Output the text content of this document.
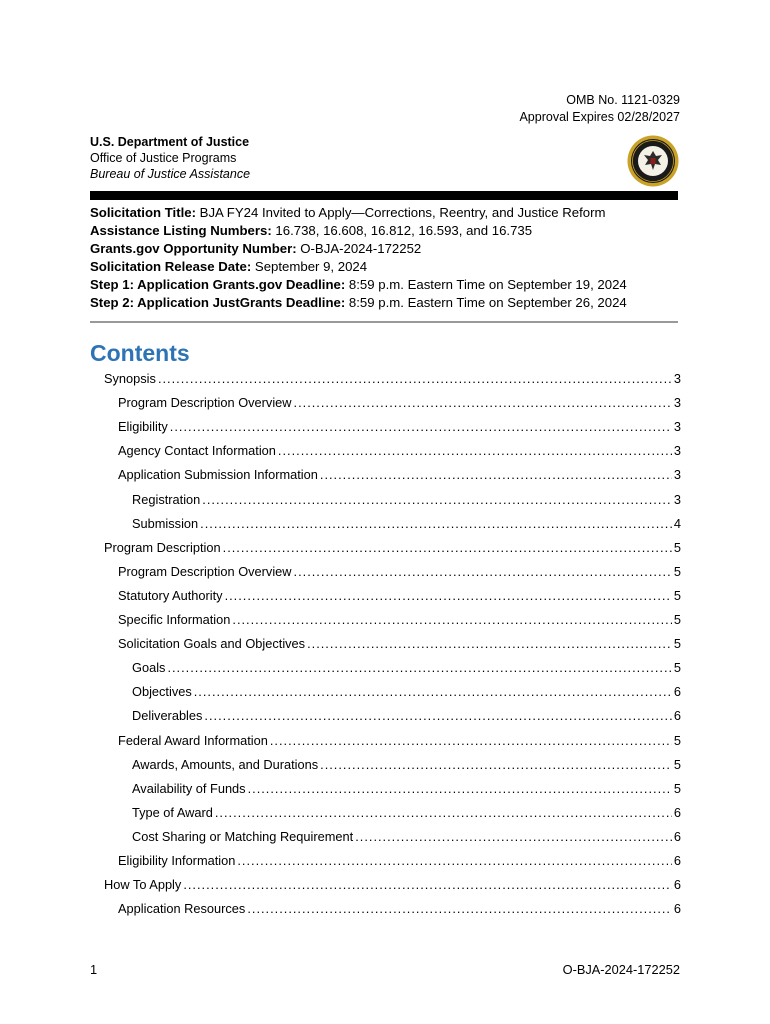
OMB No. 1121-0329
Approval Expires 02/28/2027
U.S. Department of Justice
Office of Justice Programs
Bureau of Justice Assistance
Solicitation Title: BJA FY24 Invited to Apply—Corrections, Reentry, and Justice Reform
Assistance Listing Numbers: 16.738, 16.608, 16.812, 16.593, and 16.735
Grants.gov Opportunity Number: O-BJA-2024-172252
Solicitation Release Date: September 9, 2024
Step 1: Application Grants.gov Deadline: 8:59 p.m. Eastern Time on September 19, 2024
Step 2: Application JustGrants Deadline: 8:59 p.m. Eastern Time on September 26, 2024
Contents
Synopsis .....	3
Program Description Overview .....	3
Eligibility .....	3
Agency Contact Information .....	3
Application Submission Information .....	3
Registration .....	3
Submission .....	4
Program Description .....	5
Program Description Overview .....	5
Statutory Authority .....	5
Specific Information .....	5
Solicitation Goals and Objectives .....	5
Goals .....	5
Objectives .....	6
Deliverables .....	6
Federal Award Information .....	5
Awards, Amounts, and Durations .....	5
Availability of Funds .....	5
Type of Award .....	6
Cost Sharing or Matching Requirement .....	6
Eligibility Information .....	6
How To Apply .....	6
Application Resources .....	6
1	O-BJA-2024-172252
